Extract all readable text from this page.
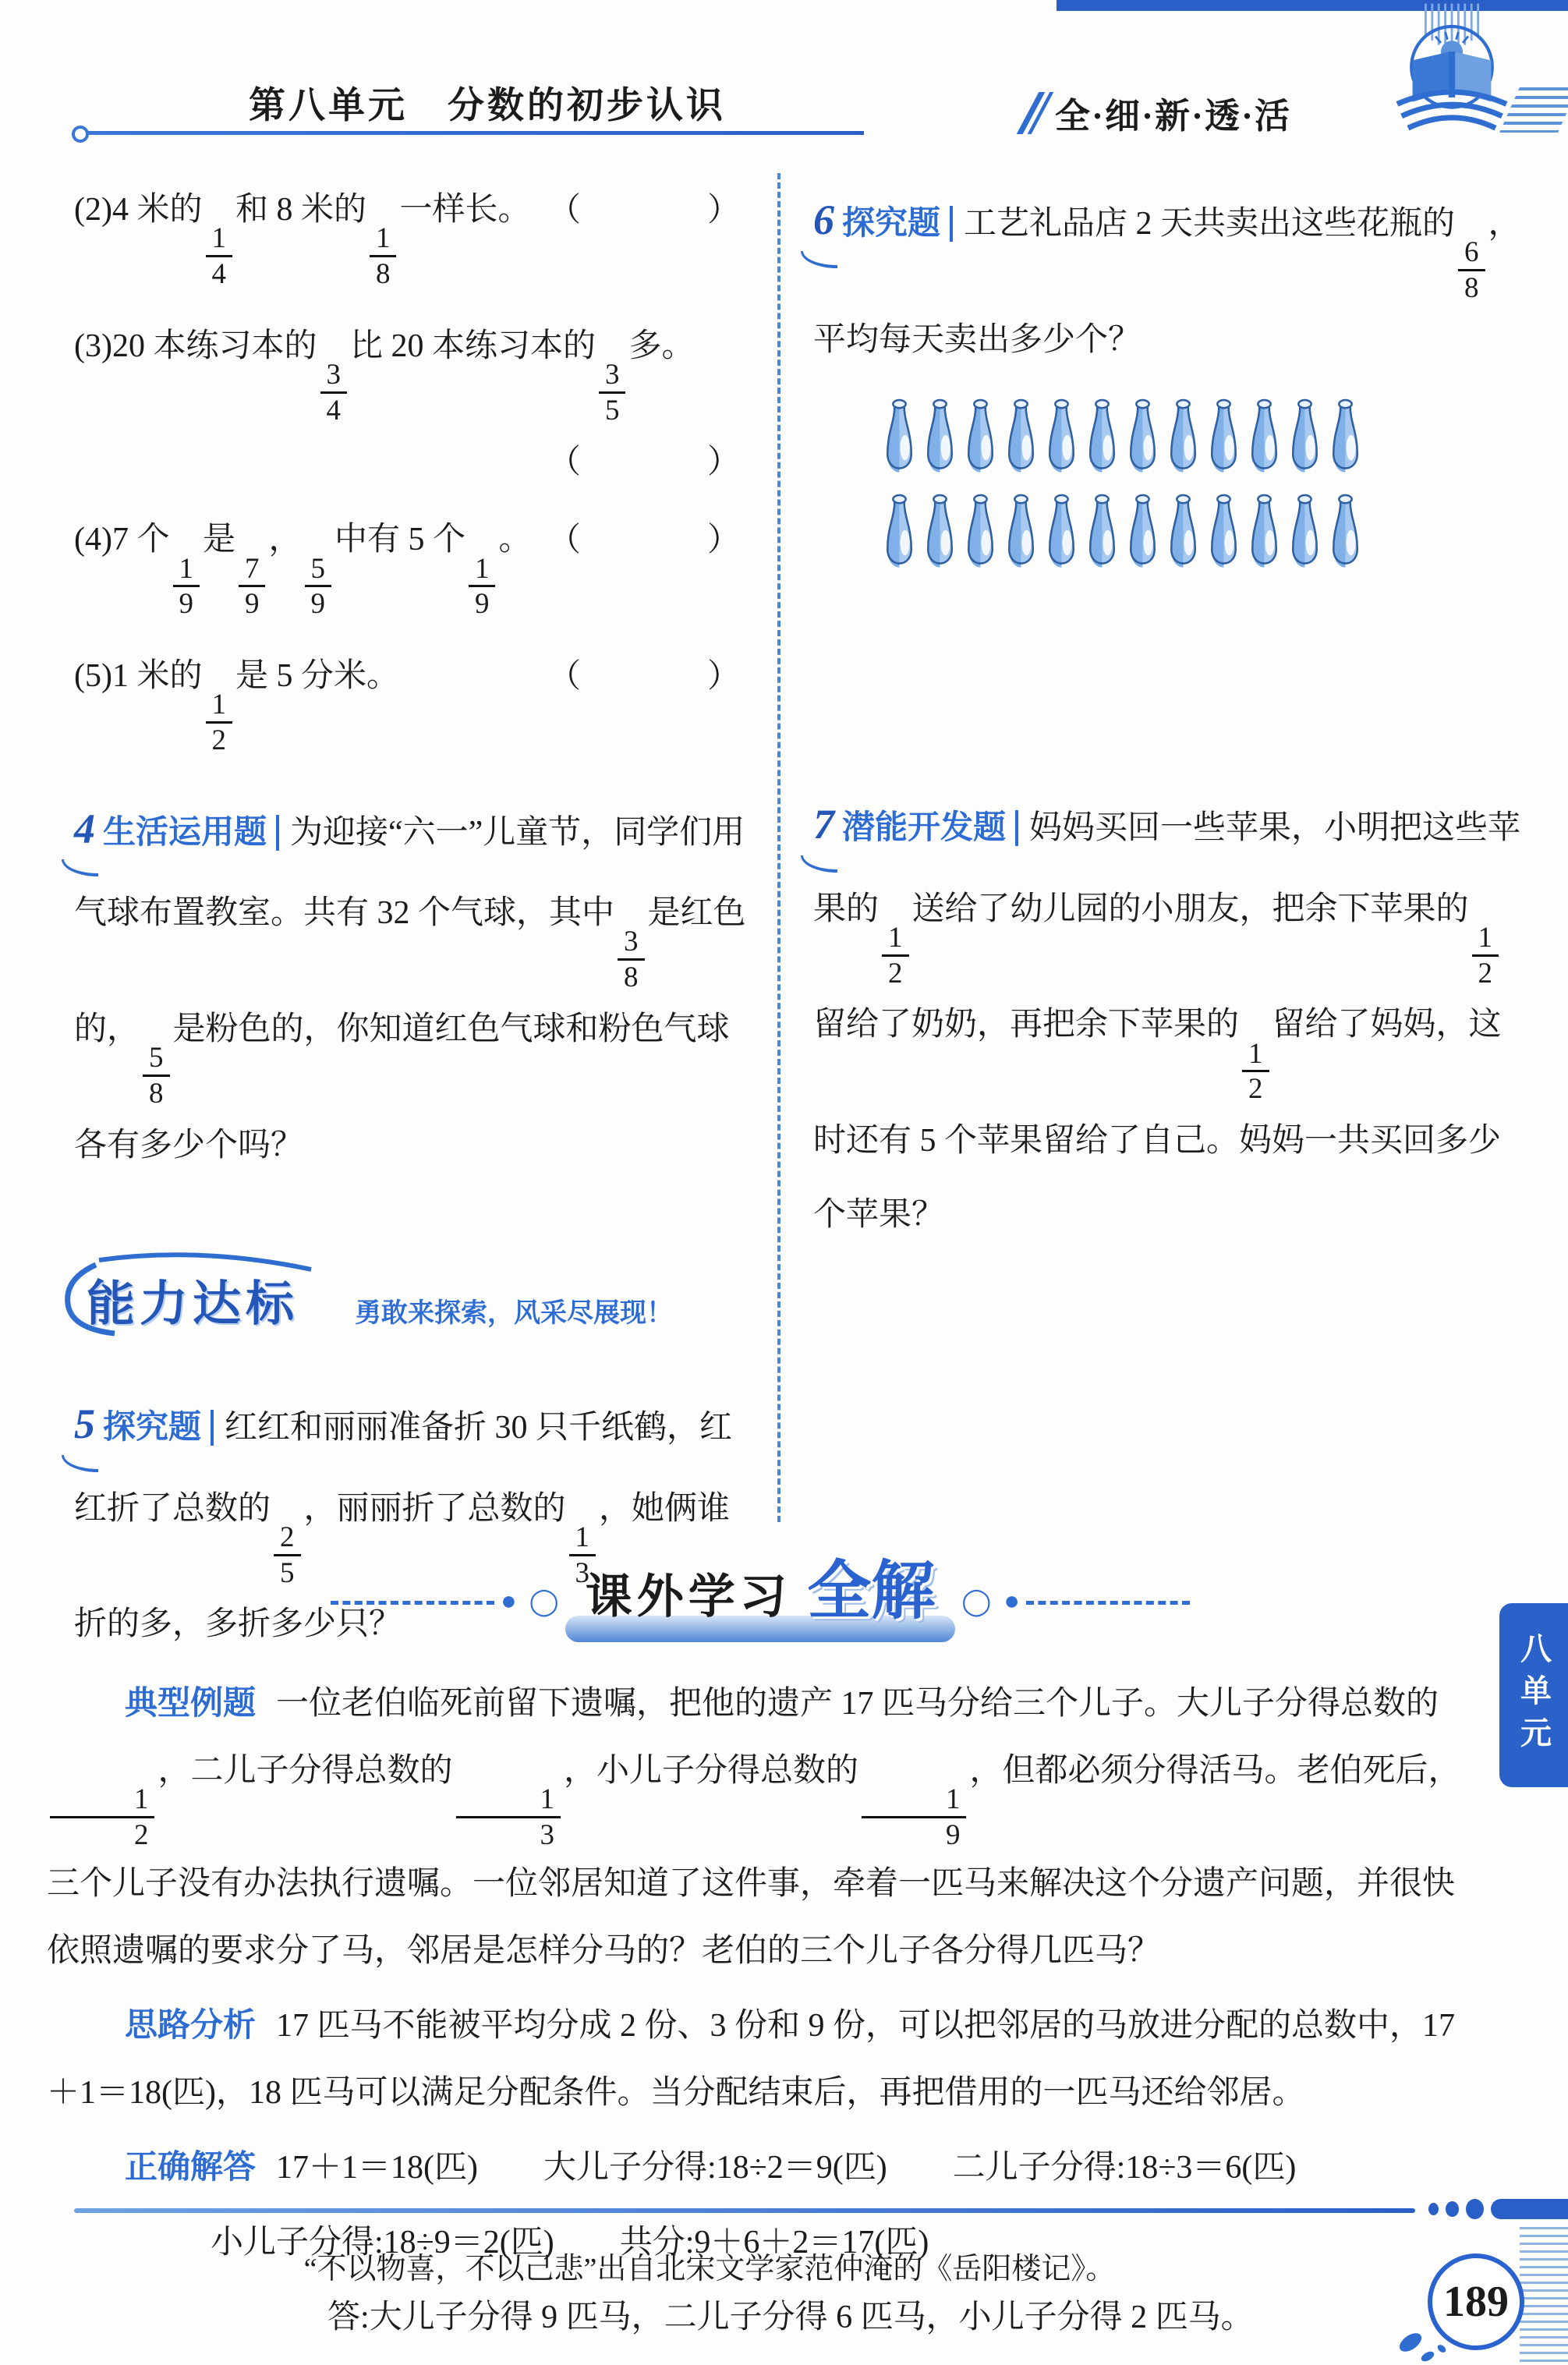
第八单元　分数的初步认识	全·细·新·透·活
(2)4 米的
$\frac{1}{4}$
和 8 米的
$\frac{1}{8}$
一样长。 （　　）
(3)20 本练习本的
$\frac{3}{4}$
比 20 本练习本的
$\frac{3}{5}$
多。
（　　）
(4)7 个
$\frac{1}{9}$
是
$\frac{7}{9}$
，
$\frac{5}{9}$
中有 5 个
$\frac{1}{9}$
。 （　　）
(5)1 米的
$\frac{1}{2}$
是 5 分米。	（　　）
4 生活运用题 为迎接“六一”儿童节，同学们用气球布置教室。共有 32 个气球，其中
$\frac{3}{8}$
是红色的，
$\frac{5}{8}$
是粉色的，你知道红色气球和粉色气球各有多少个吗？
能力达标 勇敢来探索，风采尽展现！
5 探究题 红红和丽丽准备折 30 只千纸鹤，红红折了总数的
$\frac{2}{5}$
，丽丽折了总数的
$\frac{1}{3}$
，她俩谁折的多，多折多少只？
6 探究题 工艺礼品店 2 天共卖出这些花瓶的
$\frac{6}{8}$
，平均每天卖出多少个？
7 潜能开发题 妈妈买回一些苹果，小明把这些苹果的
$\frac{1}{2}$
送给了幼儿园的小朋友，把余下苹果的
$\frac{1}{2}$
留给了奶奶，再把余下苹果的
$\frac{1}{2}$
留给了妈妈，这时还有 5 个苹果留给了自己。妈妈一共买回多少个苹果？
● ◯ 课外学习 全解	◯ ●

典型例题 一位老伯临死前留下遗嘱，把他的遗产 17 匹马分给三个儿子。大儿子分得总数的
$\frac{1}{2}$
，二儿子分得总数的
$\frac{1}{3}$
，小儿子分得总数的
$\frac{1}{9}$
，但都必须分得活马。老伯死后，三个儿子没有办法执行遗嘱。一位邻居知道了这件事，牵着一匹马来解决这个分遗产问题，并很快依照遗嘱的要求分了马，邻居是怎样分马的？老伯的三个儿子各分得几匹马？

思路分析 17 匹马不能被平均分成 2 份、3 份和 9 份，可以把邻居的马放进分配的总数中，17＋1＝18(匹)，18 匹马可以满足分配条件。当分配结束后，再把借用的一匹马还给邻居。

正确解答 17＋1＝18(匹)　　大儿子分得:18÷2＝9(匹)　　二儿子分得:18÷3＝6(匹)

小儿子分得:18÷9＝2(匹)　　共分:9＋6＋2＝17(匹)

答:大儿子分得 9 匹马，二儿子分得 6 匹马，小儿子分得 2 匹马。

八单元
“不以物喜，不以己悲”出自北宋文学家范仲淹的《岳阳楼记》。
189
